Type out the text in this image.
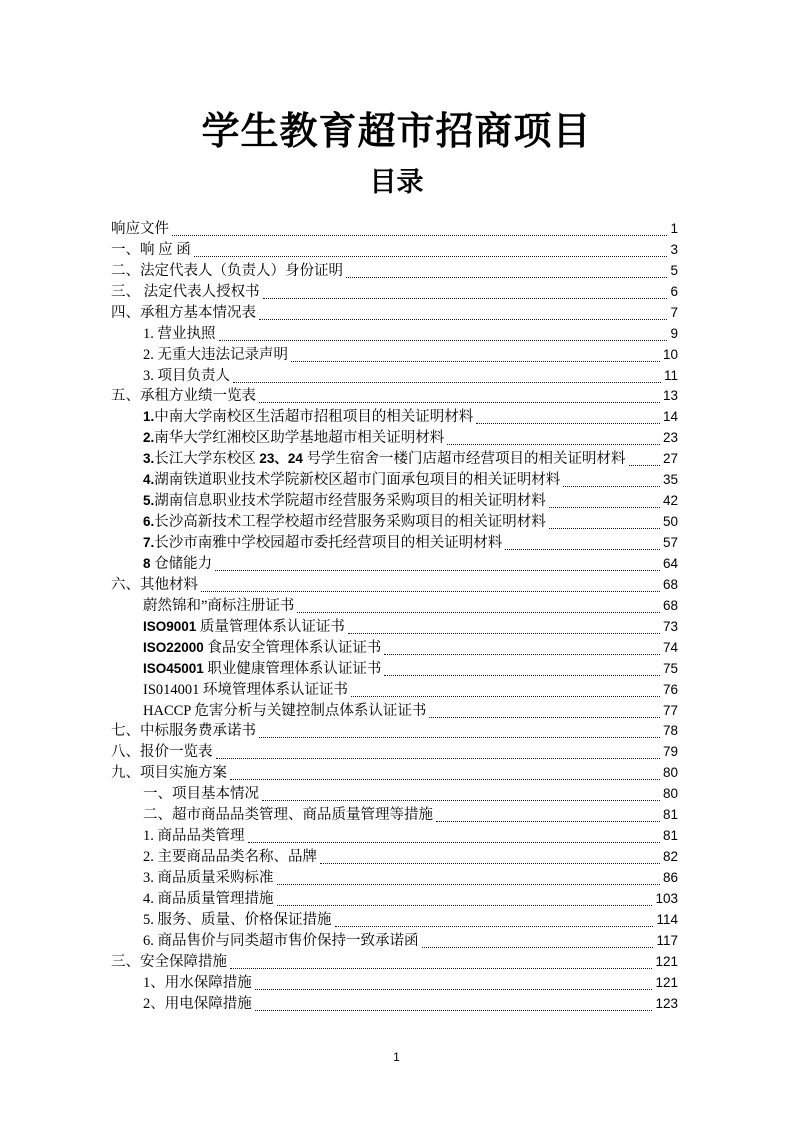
学生教育超市招商项目
目录
响应文件	1
一、响 应 函	3
二、法定代表人（负责人）身份证明	5
三、 法定代表人授权书	6
四、承租方基本情况表	7
1. 营业执照	9
2. 无重大违法记录声明	10
3. 项目负责人	11
五、承租方业绩一览表	13
1.中南大学南校区生活超市招租项目的相关证明材料	14
2.南华大学红湘校区助学基地超市相关证明材料	23
3.长江大学东校区 23、24 号学生宿舍一楼门店超市经营项目的相关证明材料	27
4.湖南铁道职业技术学院新校区超市门面承包项目的相关证明材料	35
5.湖南信息职业技术学院超市经营服务采购项目的相关证明材料	42
6.长沙高新技术工程学校超市经营服务采购项目的相关证明材料	50
7.长沙市南雅中学校园超市委托经营项目的相关证明材料	57
8 仓储能力	64
六、其他材料	68
蔚然锦和”商标注册证书	68
ISO9001 质量管理体系认证证书	73
ISO22000 食品安全管理体系认证证书	74
ISO45001 职业健康管理体系认证证书	75
IS014001 环境管理体系认证证书	76
HACCP 危害分析与关键控制点体系认证证书	77
七、中标服务费承诺书	78
八、报价一览表	79
九、项目实施方案	80
一、项目基本情况	80
二、超市商品品类管理、商品质量管理等措施	81
1. 商品品类管理	81
2. 主要商品品类名称、品牌	82
3. 商品质量采购标准	86
4. 商品质量管理措施	103
5. 服务、质量、价格保证措施	114
6. 商品售价与同类超市售价保持一致承诺函	117
三、安全保障措施	121
1、用水保障措施	121
2、用电保障措施	123
1
